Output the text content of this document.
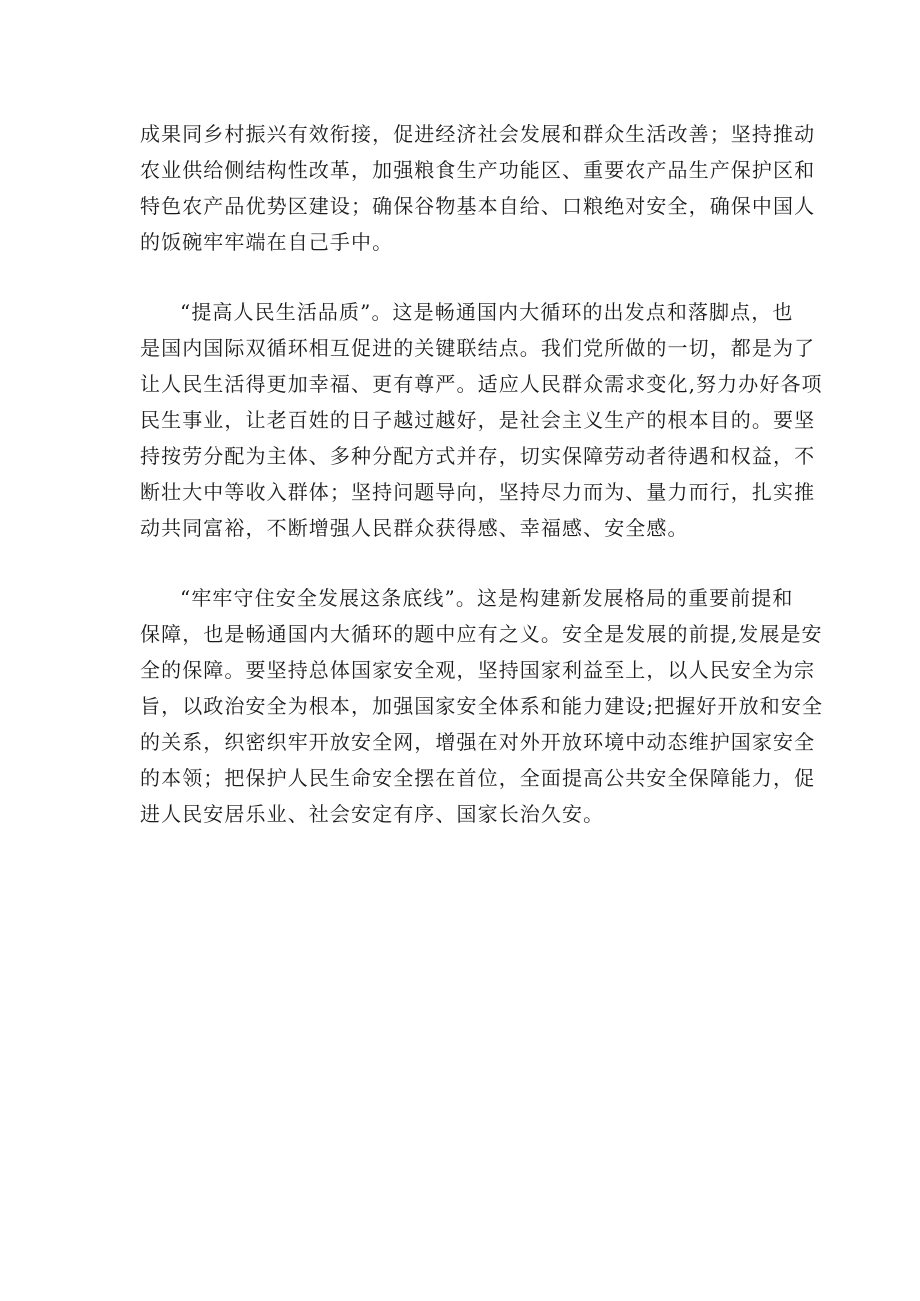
成果同乡村振兴有效衔接，促进经济社会发展和群众生活改善；坚持推动
农业供给侧结构性改革，加强粮食生产功能区、重要农产品生产保护区和
特色农产品优势区建设；确保谷物基本自给、口粮绝对安全，确保中国人
的饭碗牢牢端在自己手中。
“提高人民生活品质”。这是畅通国内大循环的出发点和落脚点，也
是国内国际双循环相互促进的关键联结点。我们党所做的一切，都是为了
让人民生活得更加幸福、更有尊严。适应人民群众需求变化,努力办好各项
民生事业，让老百姓的日子越过越好，是社会主义生产的根本目的。要坚
持按劳分配为主体、多种分配方式并存，切实保障劳动者待遇和权益，不
断壮大中等收入群体；坚持问题导向，坚持尽力而为、量力而行，扎实推
动共同富裕，不断增强人民群众获得感、幸福感、安全感。
“牢牢守住安全发展这条底线”。这是构建新发展格局的重要前提和
保障，也是畅通国内大循环的题中应有之义。安全是发展的前提,发展是安
全的保障。要坚持总体国家安全观，坚持国家利益至上，以人民安全为宗
旨，以政治安全为根本，加强国家安全体系和能力建设;把握好开放和安全
的关系，织密织牢开放安全网，增强在对外开放环境中动态维护国家安全
的本领；把保护人民生命安全摆在首位，全面提高公共安全保障能力，促
进人民安居乐业、社会安定有序、国家长治久安。
